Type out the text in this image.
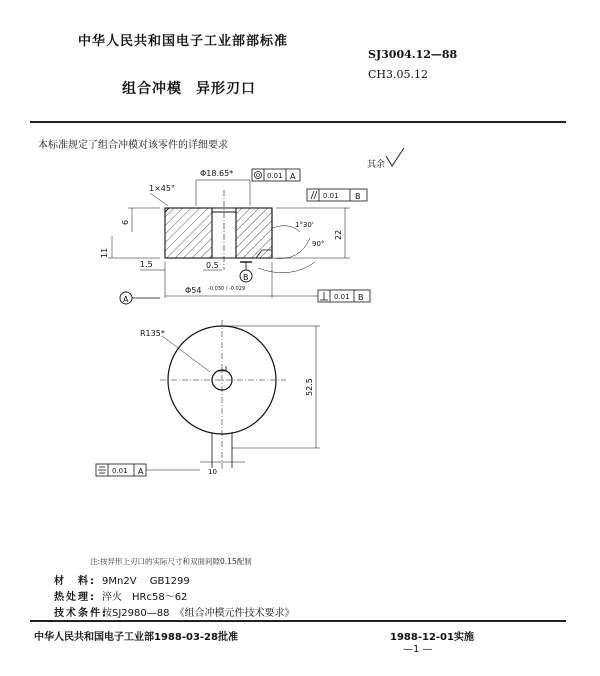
中华人民共和国电子工业部部标准
SJ3004.12—88
CH3.05.12
组合冲模 异形刃口
本标准规定了组合冲模对该零件的详细要求
其余
1×45°
Φ18.65*	0.01 A
0.01 B
6
11
22
1°30'
90°
1.5	0.5
Φ54 -0.030 / -0.029
B
A	0.01 B
R135*
52.5
10
0.01 A
注:按异形上刃口的实际尺寸和双面间隙0.15配制
材　料: 9Mn2V　 GB1299
热处理: 淬火　HRc58～62
技术条件:按SJ2980—88　《组合冲模元件技术要求》
中华人民共和国电子工业部1988-03-28批准	1988-12-01实施
—1 —
